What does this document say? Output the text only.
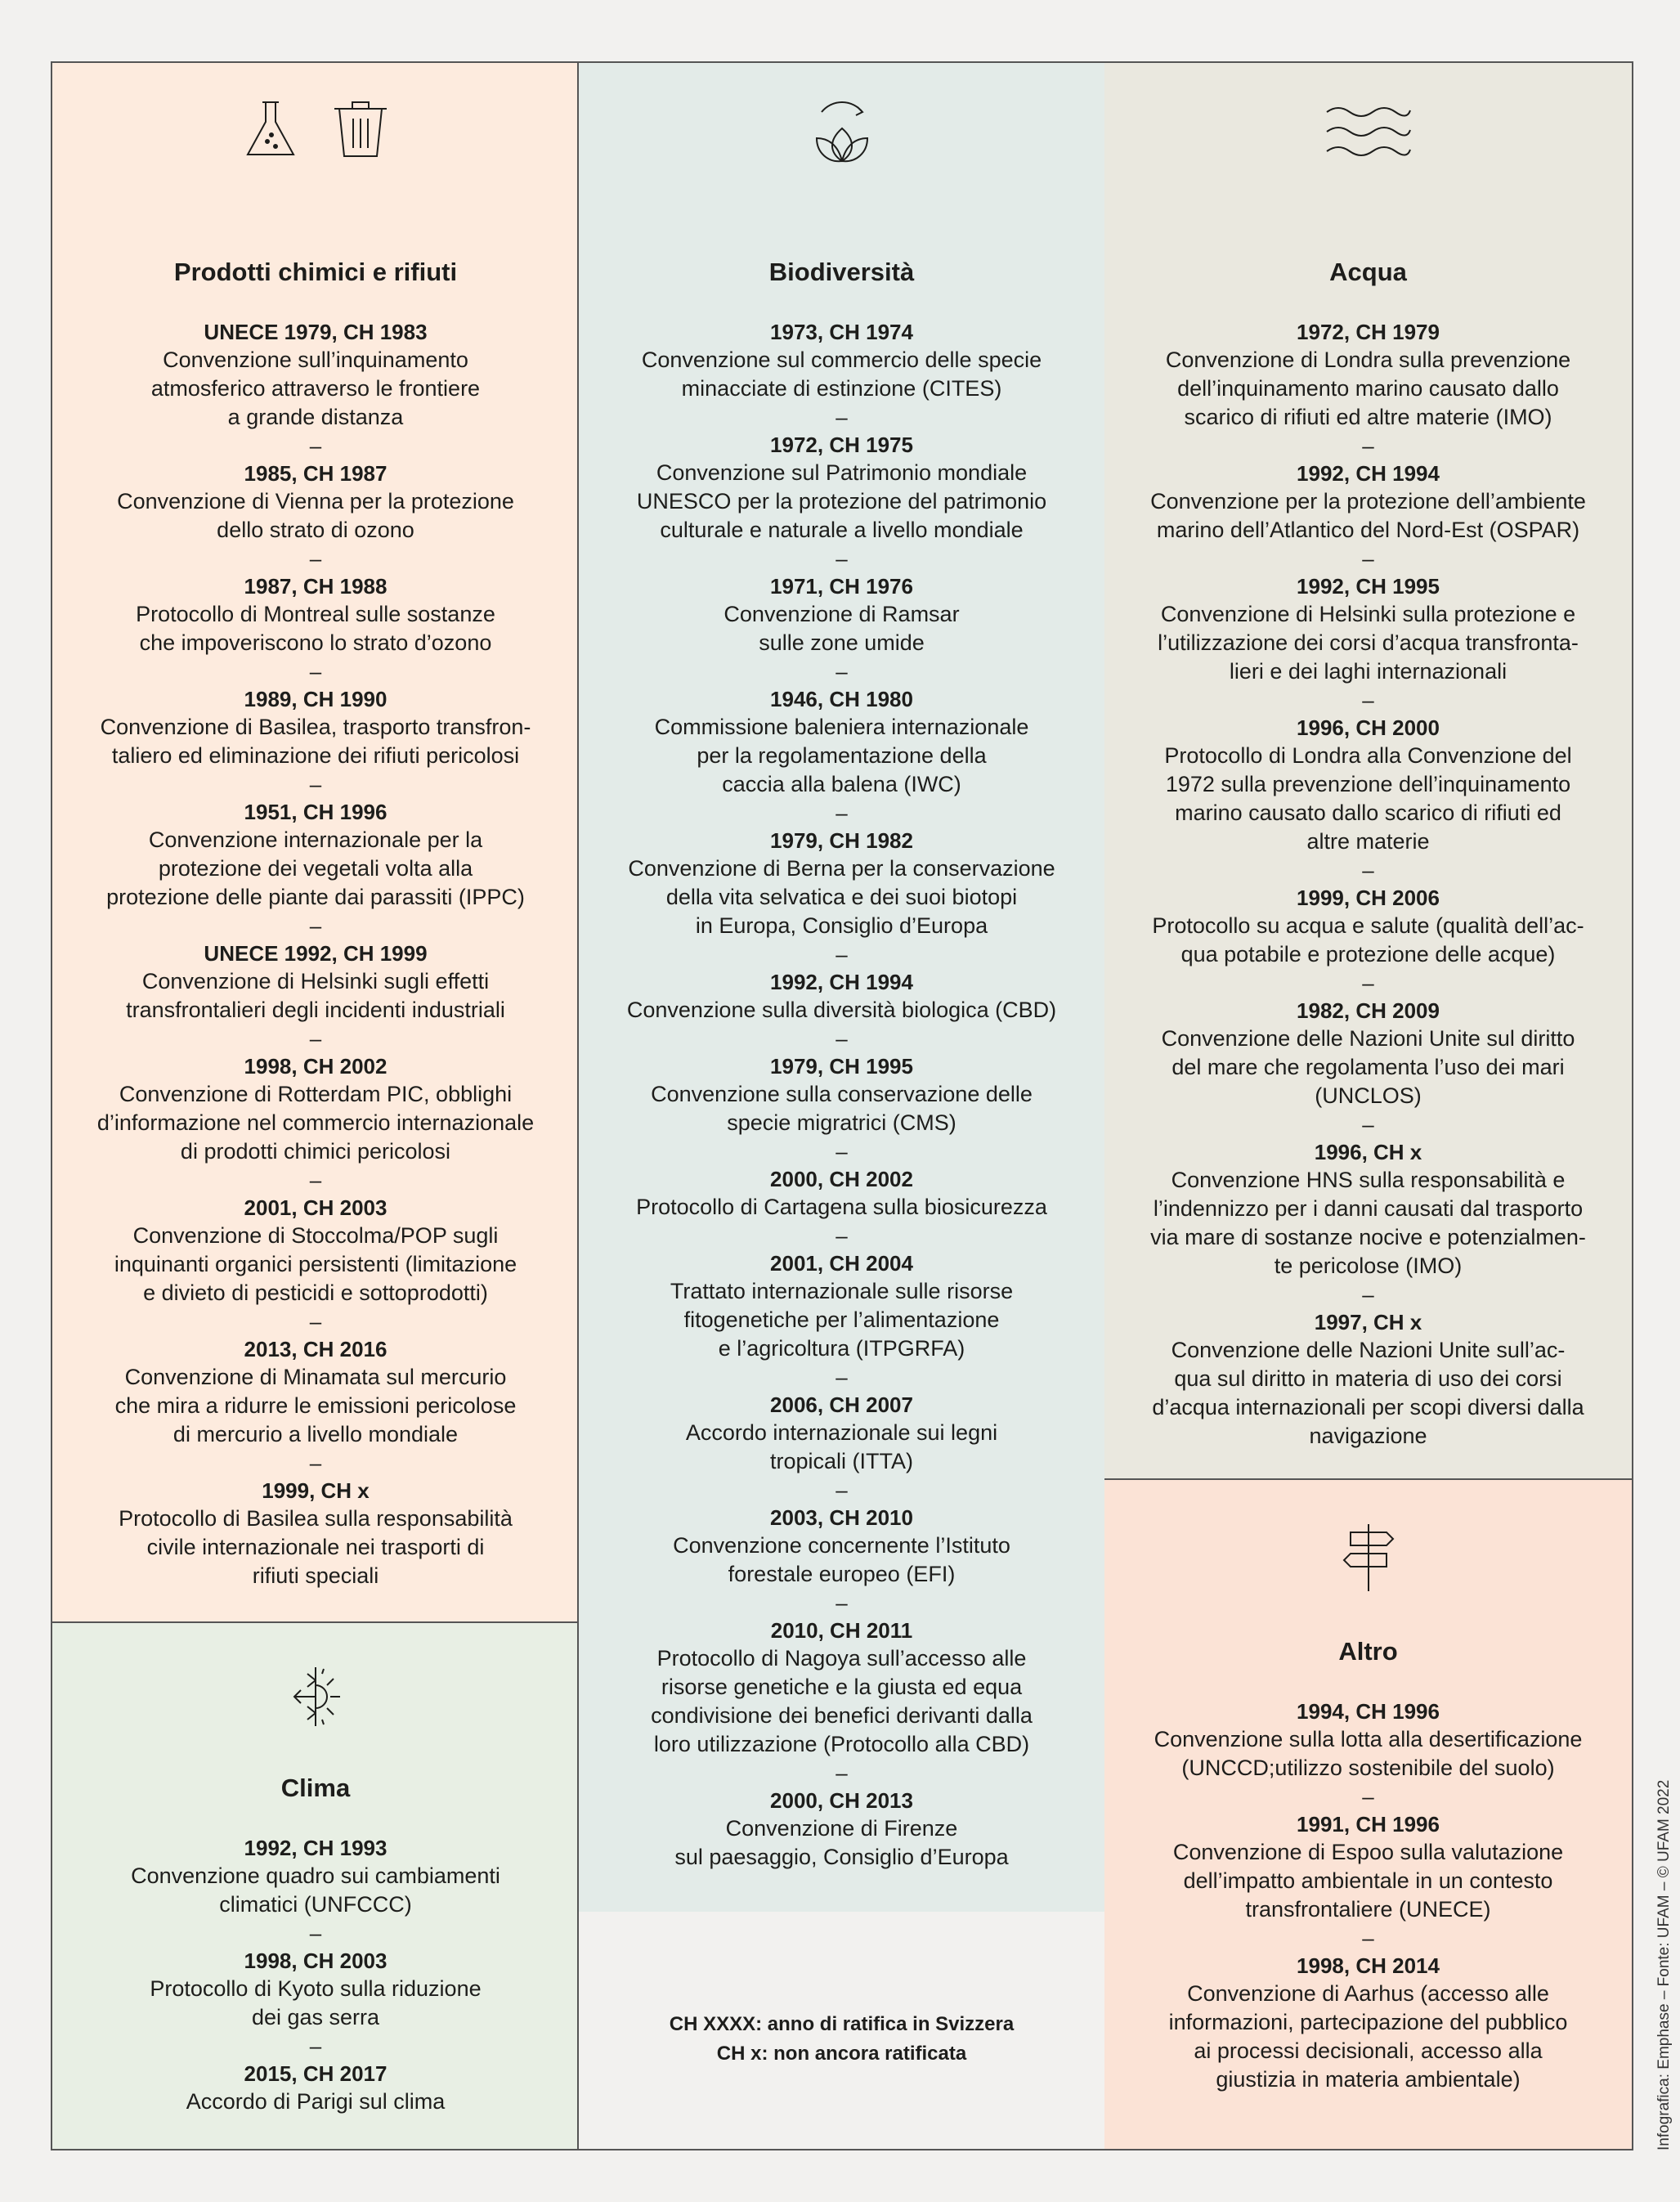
Prodotti chimici e rifiuti
UNECE 1979, CH 1983
Convenzione sull’inquinamento
atmosferico attraverso le frontiere
a grande distanza
–
1985, CH 1987
Convenzione di Vienna per la protezione
dello strato di ozono
–
1987, CH 1988
Protocollo di Montreal sulle sostanze
che impoveriscono lo strato d’ozono
–
1989, CH 1990
Convenzione di Basilea, trasporto transfron-
taliero ed eliminazione dei rifiuti pericolosi
–
1951, CH 1996
Convenzione internazionale per la
protezione dei vegetali volta alla
protezione delle piante dai parassiti (IPPC)
–
UNECE 1992, CH 1999
Convenzione di Helsinki sugli effetti
transfrontalieri degli incidenti industriali
–
1998, CH 2002
Convenzione di Rotterdam PIC, obblighi
d’informazione nel commercio internazionale
di prodotti chimici pericolosi
–
2001, CH 2003
Convenzione di Stoccolma/POP sugli
inquinanti organici persistenti (limitazione
e divieto di pesticidi e sottoprodotti)
–
2013, CH 2016
Convenzione di Minamata sul mercurio
che mira a ridurre le emissioni pericolose
di mercurio a livello mondiale
–
1999, CH x
Protocollo di Basilea sulla responsabilità
civile internazionale nei trasporti di
rifiuti speciali
Clima
1992, CH 1993
Convenzione quadro sui cambiamenti
climatici (UNFCCC)
–
1998, CH 2003
Protocollo di Kyoto sulla riduzione
dei gas serra
–
2015, CH 2017
Accordo di Parigi sul clima
Biodiversità
1973, CH 1974
Convenzione sul commercio delle specie
minacciate di estinzione (CITES)
–
1972, CH 1975
Convenzione sul Patrimonio mondiale
UNESCO per la protezione del patrimonio
culturale e naturale a livello mondiale
–
1971, CH 1976
Convenzione di Ramsar
sulle zone umide
–
1946, CH 1980
Commissione baleniera internazionale
per la regolamentazione della
caccia alla balena (IWC)
–
1979, CH 1982
Convenzione di Berna per la conservazione
della vita selvatica e dei suoi biotopi
in Europa, Consiglio d’Europa
–
1992, CH 1994
Convenzione sulla diversità biologica (CBD)
–
1979, CH 1995
Convenzione sulla conservazione delle
specie migratrici (CMS)
–
2000, CH 2002
Protocollo di Cartagena sulla biosicurezza
–
2001, CH 2004
Trattato internazionale sulle risorse
fitogenetiche per l’alimentazione
e l’agricoltura (ITPGRFA)
–
2006, CH 2007
Accordo internazionale sui legni
tropicali (ITTA)
–
2003, CH 2010
Convenzione concernente l’Istituto
forestale europeo (EFI)
–
2010, CH 2011
Protocollo di Nagoya sull’accesso alle
risorse genetiche e la giusta ed equa
condivisione dei benefici derivanti dalla
loro utilizzazione (Protocollo alla CBD)
–
2000, CH 2013
Convenzione di Firenze
sul paesaggio, Consiglio d’Europa
CH XXXX: anno di ratifica in Svizzera
CH x: non ancora ratificata
Acqua
1972, CH 1979
Convenzione di Londra sulla prevenzione
dell’inquinamento marino causato dallo
scarico di rifiuti ed altre materie (IMO)
–
1992, CH 1994
Convenzione per la protezione dell’ambiente
marino dell’Atlantico del Nord-Est (OSPAR)
–
1992, CH 1995
Convenzione di Helsinki sulla protezione e
l’utilizzazione dei corsi d’acqua transfronta-
lieri e dei laghi internazionali
–
1996, CH 2000
Protocollo di Londra alla Convenzione del
1972 sulla prevenzione dell’inquinamento
marino causato dallo scarico di rifiuti ed
altre materie
–
1999, CH 2006
Protocollo su acqua e salute (qualità dell’ac-
qua potabile e protezione delle acque)
–
1982, CH 2009
Convenzione delle Nazioni Unite sul diritto
del mare che regolamenta l’uso dei mari
(UNCLOS)
–
1996, CH x
Convenzione HNS sulla responsabilità e
l’indennizzo per i danni causati dal trasporto
via mare di sostanze nocive e potenzialmen-
te pericolose (IMO)
–
1997, CH x
Convenzione delle Nazioni Unite sull’ac-
qua sul diritto in materia di uso dei corsi
d’acqua internazionali per scopi diversi dalla
navigazione
Altro
1994, CH 1996
Convenzione sulla lotta alla desertificazione
(UNCCD;utilizzo sostenibile del suolo)
–
1991, CH 1996
Convenzione di Espoo sulla valutazione
dell’impatto ambientale in un contesto
transfrontaliere (UNECE)
–
1998, CH 2014
Convenzione di Aarhus (accesso alle
informazioni, partecipazione del pubblico
ai processi decisionali, accesso alla
giustizia in materia ambientale)	Infografica: Emphase – Fonte: UFAM – © UFAM 2022
